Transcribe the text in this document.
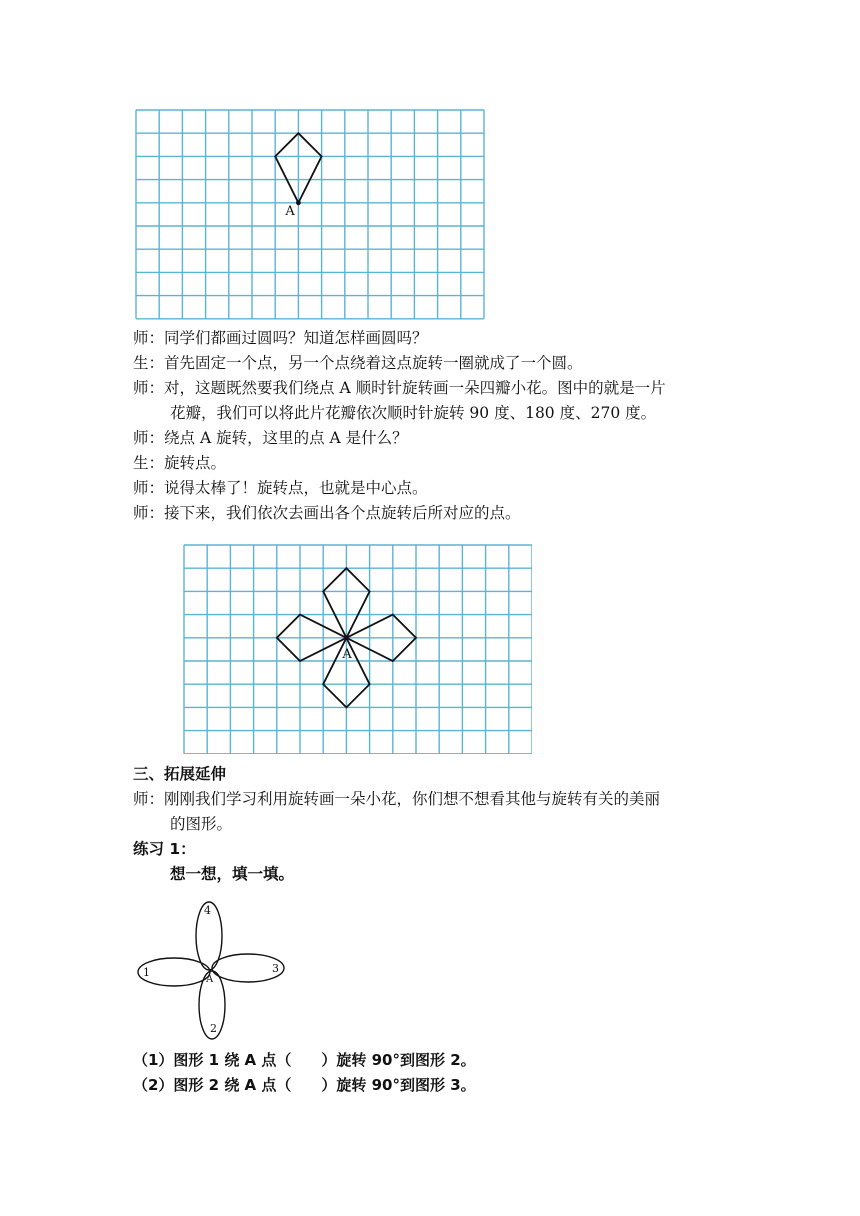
A
师：同学们都画过圆吗？知道怎样画圆吗？
生：首先固定一个点，另一个点绕着这点旋转一圈就成了一个圆。
师：对，这题既然要我们绕点 A 顺时针旋转画一朵四瓣小花。图中的就是一片
花瓣，我们可以将此片花瓣依次顺时针旋转 90 度、180 度、270 度。
师：绕点 A 旋转，这里的点 A 是什么？
生：旋转点。
师：说得太棒了！旋转点，也就是中心点。
师：接下来，我们依次去画出各个点旋转后所对应的点。
A
三、拓展延伸
师：刚刚我们学习利用旋转画一朵小花，你们想不想看其他与旋转有关的美丽
的图形。
练习 1：
想一想，填一填。
1
2
3
4
A
（1）图形 1 绕 A 点（　　）旋转 90°到图形 2。
（2）图形 2 绕 A 点（　　）旋转 90°到图形 3。
